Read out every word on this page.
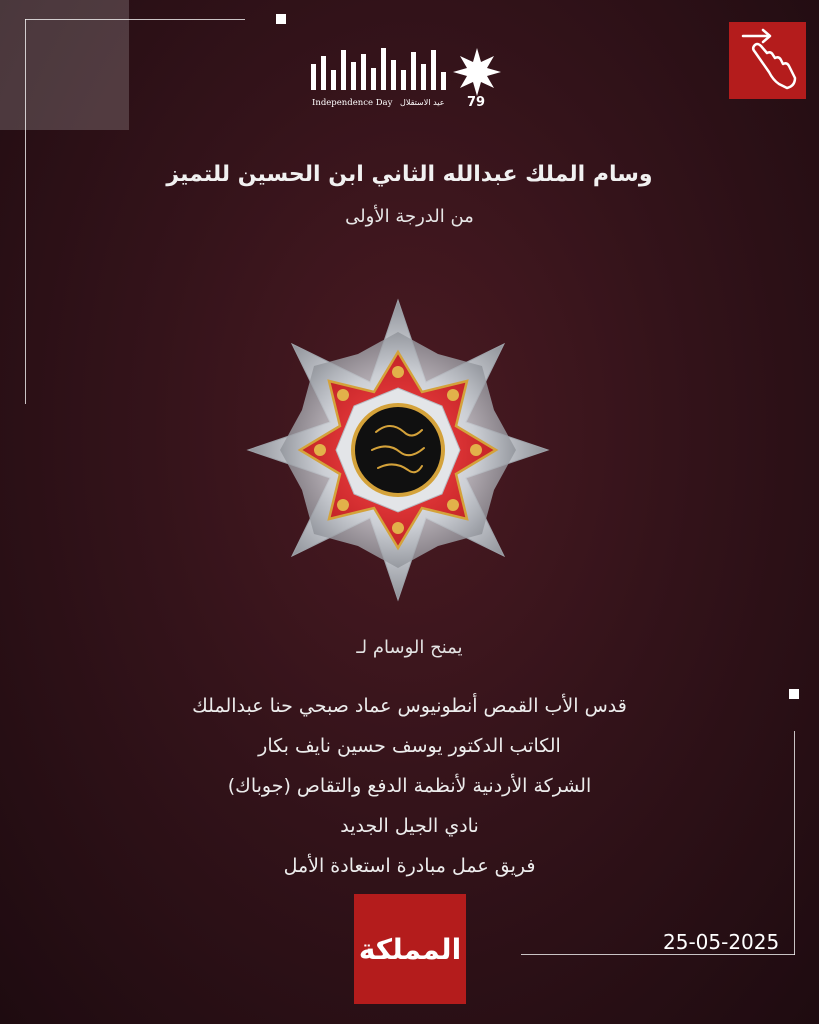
Independence Day عيد الاستقلال 79
وسام الملك عبدالله الثاني ابن الحسين للتميز
من الدرجة الأولى
يمنح الوسام لـ
قدس الأب القمص أنطونيوس عماد صبحي حنا عبدالملك
الكاتب الدكتور يوسف حسين نايف بكار
الشركة الأردنية لأنظمة الدفع والتقاص (جوباك)
نادي الجيل الجديد
فريق عمل مبادرة استعادة الأمل
المملكة	25-05-2025
